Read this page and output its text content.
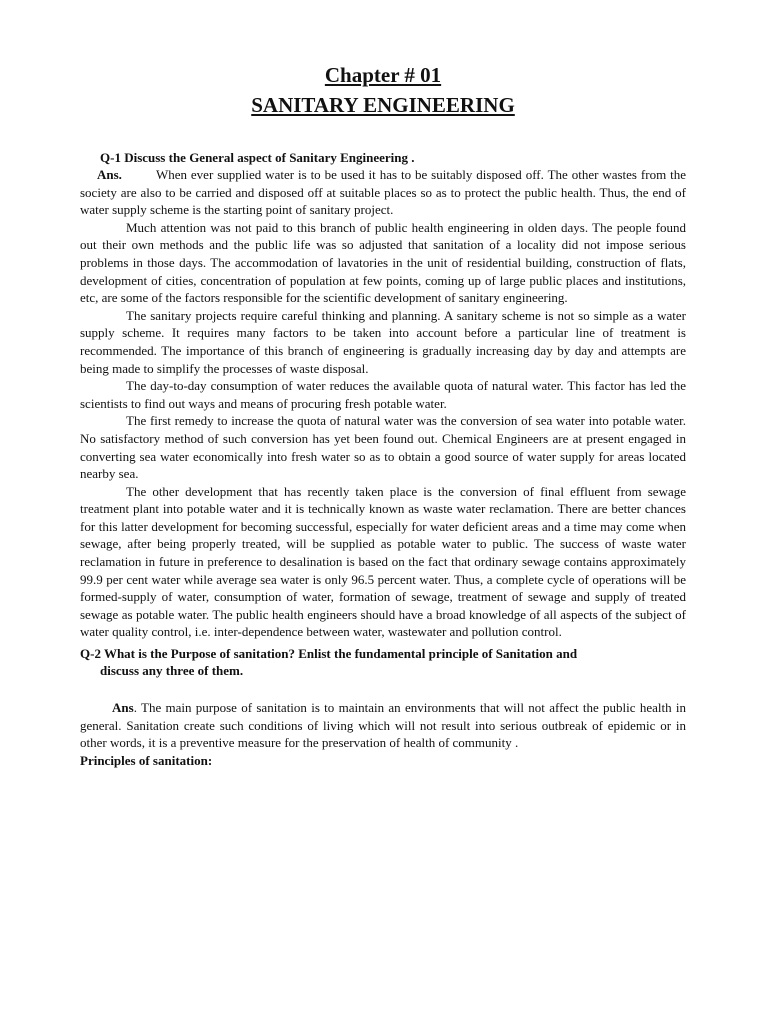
Chapter # 01
SANITARY ENGINEERING
Q-1 Discuss the General aspect of Sanitary Engineering .

Ans.	When ever supplied water is to be used it has to be suitably disposed off. The other wastes from the society are also to be carried and disposed off at suitable places so as to protect the public health. Thus, the end of water supply scheme is the starting point of sanitary project.

Much attention was not paid to this branch of public health engineering in olden days. The people found out their own methods and the public life was so adjusted that sanitation of a locality did not impose serious problems in those days. The accommodation of lavatories in the unit of residential building, construction of flats, development of cities, concentration of population at few points, coming up of large public places and institutions, etc, are some of the factors responsible for the scientific development of sanitary engineering.

The sanitary projects require careful thinking and planning. A sanitary scheme is not so simple as a water supply scheme. It requires many factors to be taken into account before a particular line of treatment is recommended. The importance of this branch of engineering is gradually increasing day by day and attempts are being made to simplify the processes of waste disposal.

The day-to-day consumption of water reduces the available quota of natural water. This factor has led the scientists to find out ways and means of procuring fresh potable water.

The first remedy to increase the quota of natural water was the conversion of sea water into potable water. No satisfactory method of such conversion has yet been found out. Chemical Engineers are at present engaged in converting sea water economically into fresh water so as to obtain a good source of water supply for areas located nearby sea.

The other development that has recently taken place is the conversion of final effluent from sewage treatment plant into potable water and it is technically known as waste water reclamation. There are better chances for this latter development for becoming successful, especially for water deficient areas and a time may come when sewage, after being properly treated, will be supplied as potable water to public. The success of waste water reclamation in future in preference to desalination is based on the fact that ordinary sewage contains approximately 99.9 per cent water while average sea water is only 96.5 percent water. Thus, a complete cycle of operations will be formed-supply of water, consumption of water, formation of sewage, treatment of sewage and supply of treated sewage as potable water. The public health engineers should have a broad knowledge of all aspects of the subject of water quality control, i.e. inter-dependence between water, wastewater and pollution control.

Q-2 What is the Purpose of sanitation? Enlist the fundamental principle of Sanitation and
discuss any three of them.

Ans. The main purpose of sanitation is to maintain an environments that will not affect the public health in general. Sanitation create such conditions of living which will not result into serious outbreak of epidemic or in other words, it is a preventive measure for the preservation of health of community .

Principles of sanitation:
